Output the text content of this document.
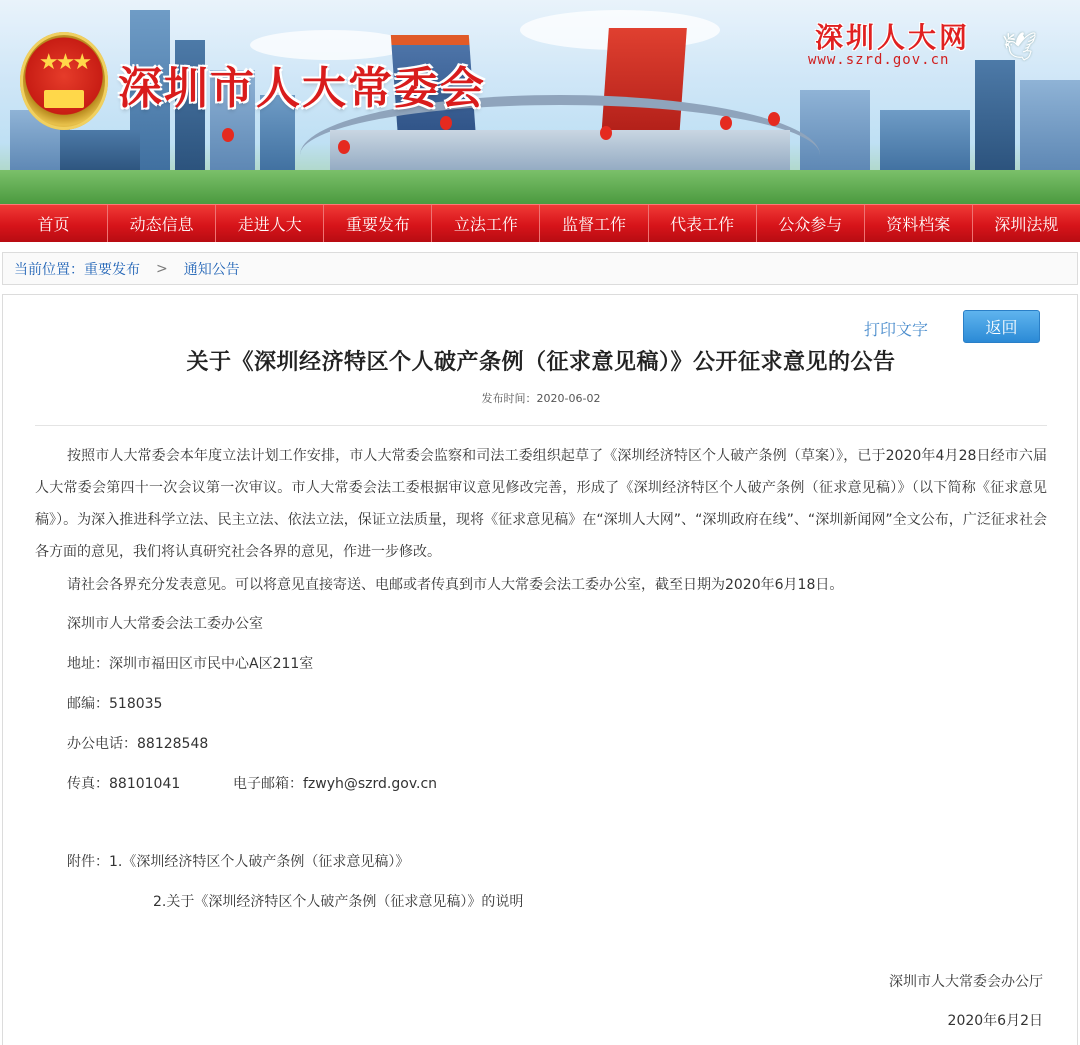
★★★
深圳市人大常委会
深圳人大网
www.szrd.gov.cn 🕊
首页	动态信息	走进人大	重要发布	立法工作	监督工作	代表工作	公众参与	资料档案	深圳法规
当前位置： 重要发布 > 通知公告
打印文字	返回
关于《深圳经济特区个人破产条例（征求意见稿）》公开征求意见的公告
发布时间：2020-06-02

按照市人大常委会本年度立法计划工作安排，市人大常委会监察和司法工委组织起草了《深圳经济特区个人破产条例（草案）》，已于2020年4月28日经市六届人大常委会第四十一次会议第一次审议。市人大常委会法工委根据审议意见修改完善，形成了《深圳经济特区个人破产条例（征求意见稿）》（以下简称《征求意见稿》）。为深入推进科学立法、民主立法、依法立法，保证立法质量，现将《征求意见稿》在“深圳人大网”、“深圳政府在线”、“深圳新闻网”全文公布，广泛征求社会各方面的意见，我们将认真研究社会各界的意见，作进一步修改。

请社会各界充分发表意见。可以将意见直接寄送、电邮或者传真到市人大常委会法工委办公室，截至日期为2020年6月18日。

深圳市人大常委会法工委办公室
地址：深圳市福田区市民中心A区211室
邮编：518035
办公电话：88128548
传真：88101041	电子邮箱：fzwyh@szrd.gov.cn
附件：1.《深圳经济特区个人破产条例（征求意见稿）》
2.关于《深圳经济特区个人破产条例（征求意见稿）》的说明
深圳市人大常委会办公厅
2020年6月2日
